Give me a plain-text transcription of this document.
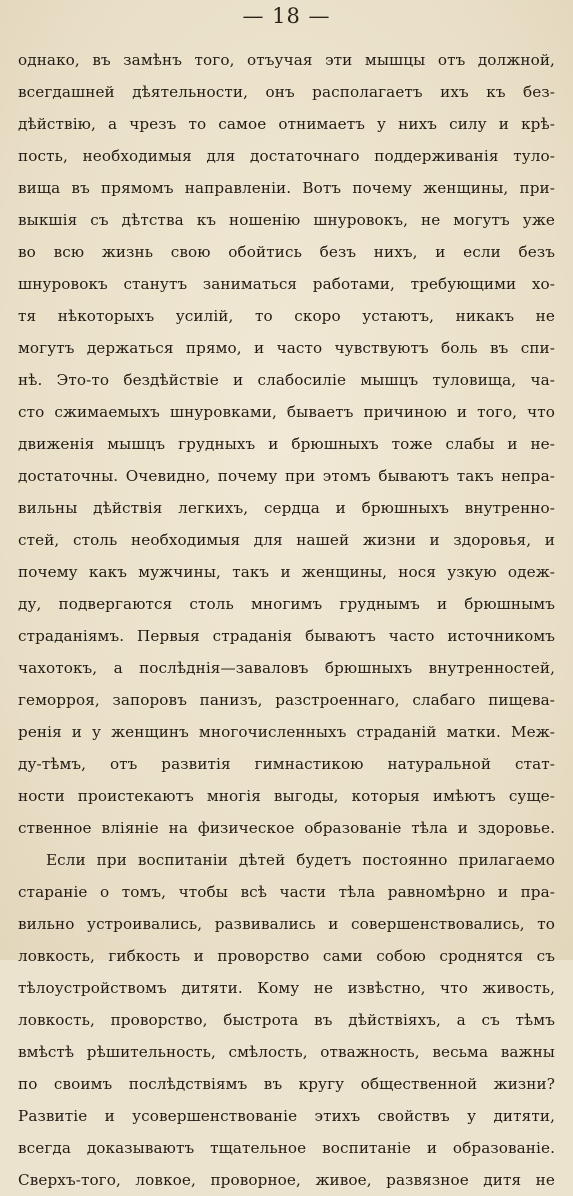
— 18 —
однако, въ замѣнъ того, отъучая эти мышцы отъ должной,
всегдашней дѣятельности, онъ располагаетъ ихъ къ без-
дѣйствію, а чрезъ то самое отнимаетъ у нихъ силу и крѣ-
пость, необходимыя для достаточнаго поддерживанія туло-
вища въ прямомъ направленіи. Вотъ почему женщины, при-
выкшія съ дѣтства къ ношенію шнуровокъ, не могутъ уже
во всю жизнь свою обойтись безъ нихъ, и если безъ
шнуровокъ станутъ заниматься работами, требующими хо-
тя нѣкоторыхъ усилій, то скоро устаютъ, никакъ не
могутъ держаться прямо, и часто чувствуютъ боль въ спи-
нѣ. Это-то бездѣйствіе и слабосиліе мышцъ туловища, ча-
сто сжимаемыхъ шнуровками, бываетъ причиною и того, что
движенія мышцъ грудныхъ и брюшныхъ тоже слабы и не-
достаточны. Очевидно, почему при этомъ бываютъ такъ непра-
вильны дѣйствія легкихъ, сердца и брюшныхъ внутренно-
стей, столь необходимыя для нашей жизни и здоровья, и
почему какъ мужчины, такъ и женщины, нося узкую одеж-
ду, подвергаются столь многимъ груднымъ и брюшнымъ
страданіямъ. Первыя страданія бываютъ часто источникомъ
чахотокъ, а послѣднія—заваловъ брюшныхъ внутренностей,
геморроя, запоровъ панизъ, разстроеннаго, слабаго пищева-
ренія и у женщинъ многочисленныхъ страданій матки. Меж-
ду-тѣмъ, отъ развитія гимнастикою натуральной стат-
ности проистекаютъ многія выгоды, которыя имѣютъ суще-
ственное вліяніе на физическое образованіе тѣла и здоровье.
Если при воспитаніи дѣтей будетъ постоянно прилагаемо
стараніе о томъ, чтобы всѣ части тѣла равномѣрно и пра-
вильно устроивались, развивались и совершенствовались, то
ловкость, гибкость и проворство сами собою сроднятся съ
тѣлоустройствомъ дитяти. Кому не извѣстно, что живость,
ловкость, проворство, быстрота въ дѣйствіяхъ, а съ тѣмъ
вмѣстѣ рѣшительность, смѣлость, отважность, весьма важны
по своимъ послѣдствіямъ въ кругу общественной жизни?
Развитіе и усовершенствованіе этихъ свойствъ у дитяти,
всегда доказываютъ тщательное воспитаніе и образованіе.
Сверхъ-того, ловкое, проворное, живое, развязное дитя не
